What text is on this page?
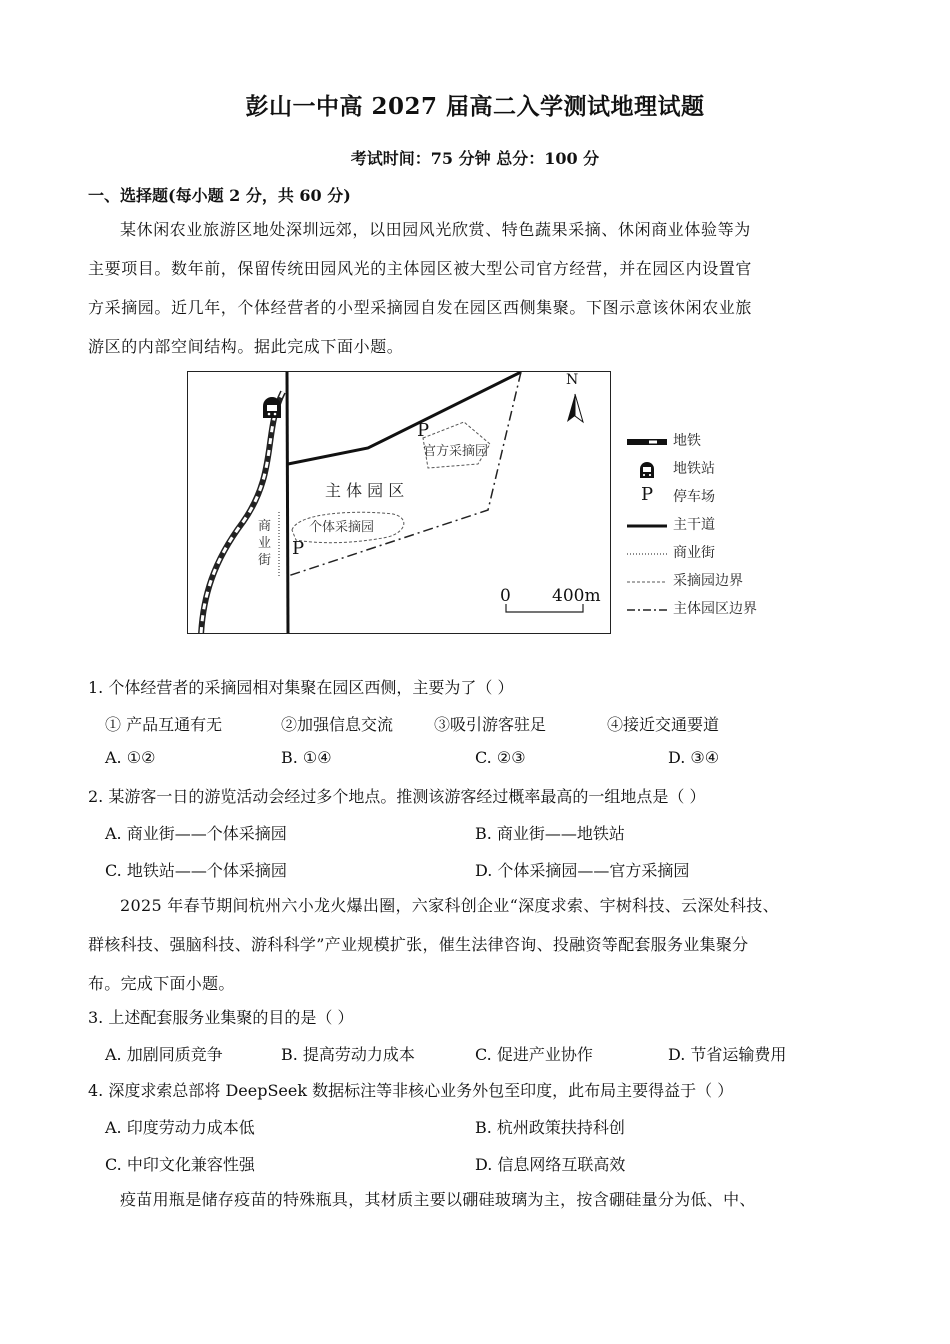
彭山一中高 2027 届高二入学测试地理试题
考试时间：75 分钟 总分：100 分
一、选择题(每小题 2 分，共 60 分)
某休闲农业旅游区地处深圳远郊，以田园风光欣赏、特色蔬果采摘、休闲商业体验等为
主要项目。数年前，保留传统田园风光的主体园区被大型公司官方经营，并在园区内设置官
方采摘园。近几年，个体经营者的小型采摘园自发在园区西侧集聚。下图示意该休闲农业旅
游区的内部空间结构。据此完成下面小题。
N
P
官方采摘园
主 体 园 区
个体采摘园
P
商
业
街
0 400m
地铁
地铁站
P	停车场
主干道
商业街
采摘园边界
主体园区边界
1. 个体经营者的采摘园相对集聚在园区西侧，主要为了（ ）
① 产品互通有无	②加强信息交流	③吸引游客驻足	④接近交通要道
A. ①②	B. ①④	C. ②③	D. ③④
2. 某游客一日的游览活动会经过多个地点。推测该游客经过概率最高的一组地点是（ ）
A. 商业街——个体采摘园	B. 商业街——地铁站
C. 地铁站——个体采摘园	D. 个体采摘园——官方采摘园
2025 年春节期间杭州六小龙火爆出圈，六家科创企业“深度求索、宇树科技、云深处科技、
群核科技、强脑科技、游科科学”产业规模扩张，催生法律咨询、投融资等配套服务业集聚分
布。完成下面小题。
3. 上述配套服务业集聚的目的是（ ）
A. 加剧同质竞争	B. 提高劳动力成本	C. 促进产业协作	D. 节省运输费用
4. 深度求索总部将 DeepSeek 数据标注等非核心业务外包至印度，此布局主要得益于（ ）
A. 印度劳动力成本低	B. 杭州政策扶持科创
C. 中印文化兼容性强	D. 信息网络互联高效
疫苗用瓶是储存疫苗的特殊瓶具，其材质主要以硼硅玻璃为主，按含硼硅量分为低、中、
